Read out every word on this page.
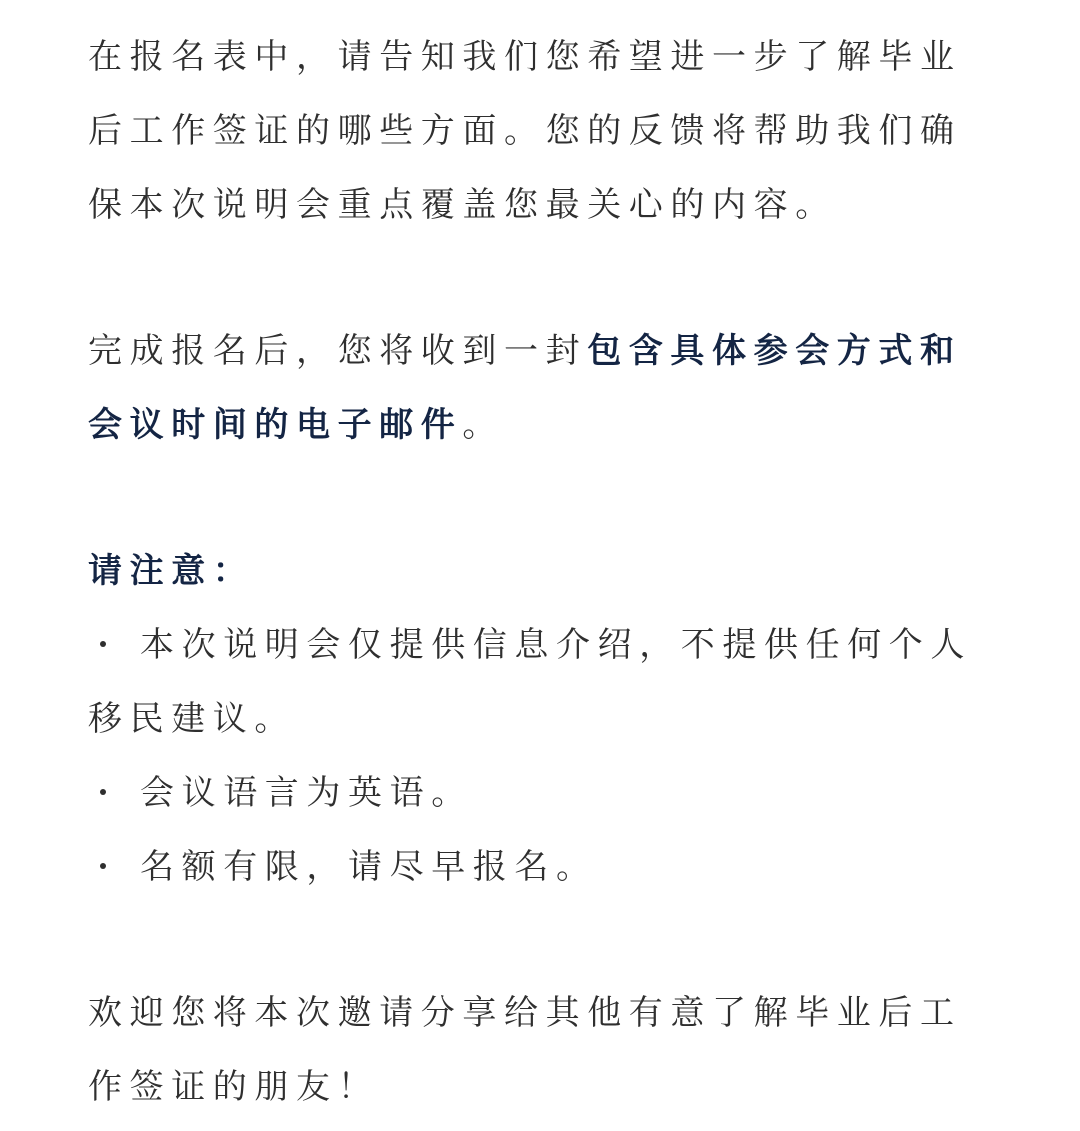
在报名表中，请告知我们您希望进一步了解毕业后工作签证的哪些方面。您的反馈将帮助我们确保本次说明会重点覆盖您最关心的内容。

完成报名后，您将收到一封包含具体参会方式和会议时间的电子邮件。

请注意：

本次说明会仅提供信息介绍，不提供任何个人移民建议。
会议语言为英语。
名额有限，请尽早报名。

欢迎您将本次邀请分享给其他有意了解毕业后工作签证的朋友！
